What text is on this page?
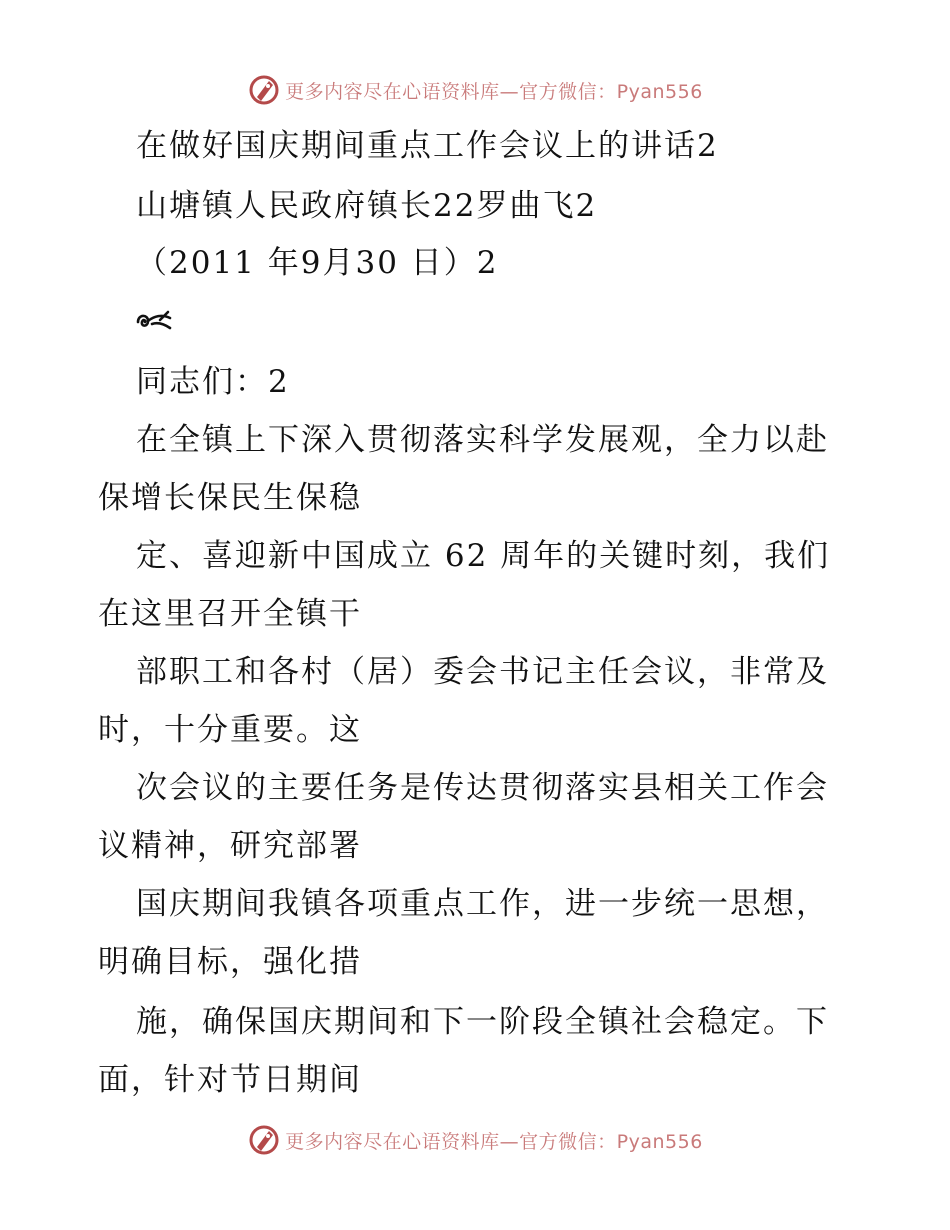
更多内容尽在心语资料库—官方微信：Pyan556
在做好国庆期间重点工作会议上的讲话2
山塘镇人民政府镇长22罗曲飞2
（2011 年9月30 日）2
同志们：2
在全镇上下深入贯彻落实科学发展观，全力以赴
保增长保民生保稳
定、喜迎新中国成立 62 周年的关键时刻，我们
在这里召开全镇干
部职工和各村（居）委会书记主任会议，非常及
时，十分重要。这
次会议的主要任务是传达贯彻落实县相关工作会
议精神，研究部署
国庆期间我镇各项重点工作，进一步统一思想，
明确目标，强化措
施，确保国庆期间和下一阶段全镇社会稳定。下
面，针对节日期间
更多内容尽在心语资料库—官方微信：Pyan556
